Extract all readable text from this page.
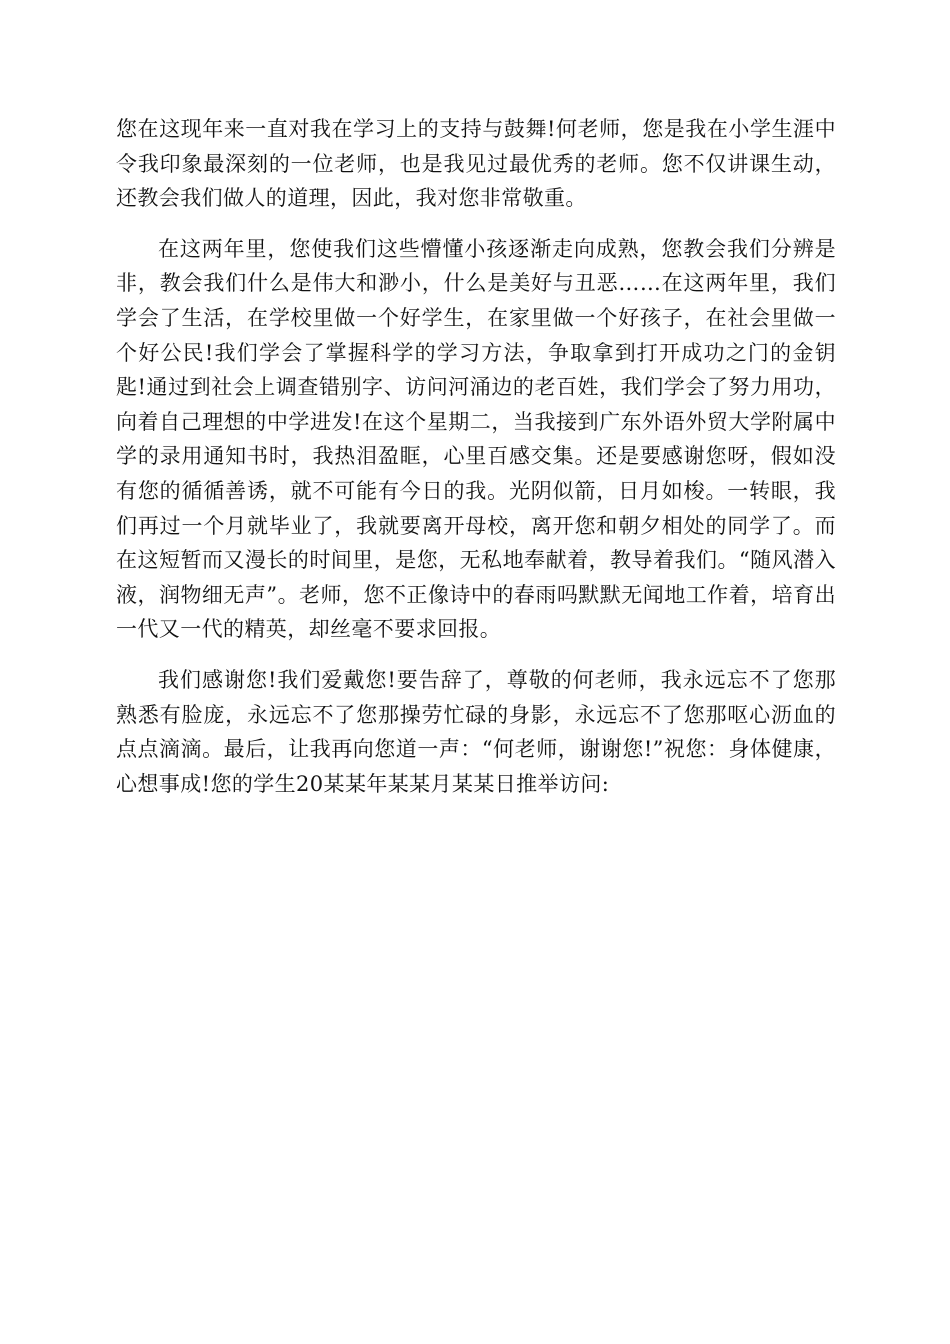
您在这现年来一直对我在学习上的支持与鼓舞!何老师，您是我在小学生涯中令我印象最深刻的一位老师，也是我见过最优秀的老师。您不仅讲课生动，还教会我们做人的道理，因此，我对您非常敬重。

在这两年里，您使我们这些懵懂小孩逐渐走向成熟，您教会我们分辨是非，教会我们什么是伟大和渺小，什么是美好与丑恶……在这两年里，我们学会了生活，在学校里做一个好学生，在家里做一个好孩子，在社会里做一个好公民!我们学会了掌握科学的学习方法，争取拿到打开成功之门的金钥匙!通过到社会上调查错别字、访问河涌边的老百姓，我们学会了努力用功，向着自己理想的中学进发!在这个星期二，当我接到广东外语外贸大学附属中学的录用通知书时，我热泪盈眶，心里百感交集。还是要感谢您呀，假如没有您的循循善诱，就不可能有今日的我。光阴似箭，日月如梭。一转眼，我们再过一个月就毕业了，我就要离开母校，离开您和朝夕相处的同学了。而在这短暂而又漫长的时间里，是您，无私地奉献着，教导着我们。“随风潜入液，润物细无声”。老师，您不正像诗中的春雨吗默默无闻地工作着，培育出一代又一代的精英，却丝毫不要求回报。

我们感谢您!我们爱戴您!要告辞了，尊敬的何老师，我永远忘不了您那熟悉有脸庞，永远忘不了您那操劳忙碌的身影，永远忘不了您那呕心沥血的点点滴滴。最后，让我再向您道一声：“何老师，谢谢您!”祝您：身体健康，心想事成!您的学生20某某年某某月某某日推举访问:
